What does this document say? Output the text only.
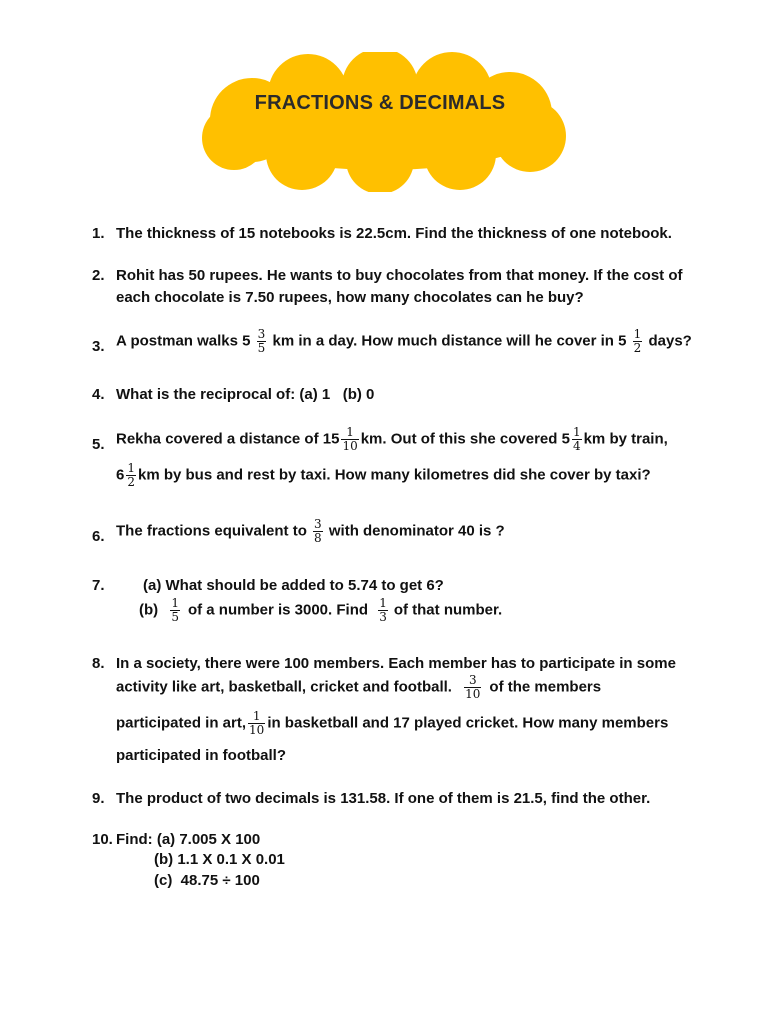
FRACTIONS & DECIMALS
1. The thickness of 15 notebooks is 22.5cm. Find the thickness of one notebook.
2. Rohit has 50 rupees. He wants to buy chocolates from that money. If the cost of
each chocolate is 7.50 rupees, how many chocolates can he buy?
3. A postman walks $5 \frac{3}{5}$ km in a day. How much distance will he cover in $5 \frac{1}{2}$ days?
4. What is the reciprocal of: (a) 1   (b) 0
5. Rekha covered a distance of $15 \frac{1}{10}$ km. Out of this she covered $5 \frac{1}{4}$ km by train,
$6 \frac{1}{2}$ km by bus and rest by taxi. How many kilometres did she cover by taxi?
6. The fractions equivalent to $\frac{3}{8}$ with denominator 40 is ?
7.	(a) What should be added to 5.74 to get 6?
$(b) \frac{1}{5}$ of a number is 3000. Find $\frac{1}{3}$ of that number.
8. In a society, there were 100 members. Each member has to participate in some
activity like art, basketball, cricket and football. $\frac{3}{10}$ of the members
participated in art, $\frac{1}{10}$ in basketball and 17 played cricket. How many members
participated in football?
9. The product of two decimals is 131.58. If one of them is 21.5, find the other.
10. Find: (a) 7.005 X 100
(b) 1.1 X 0.1 X 0.01
(c)  48.75 ÷ 100
